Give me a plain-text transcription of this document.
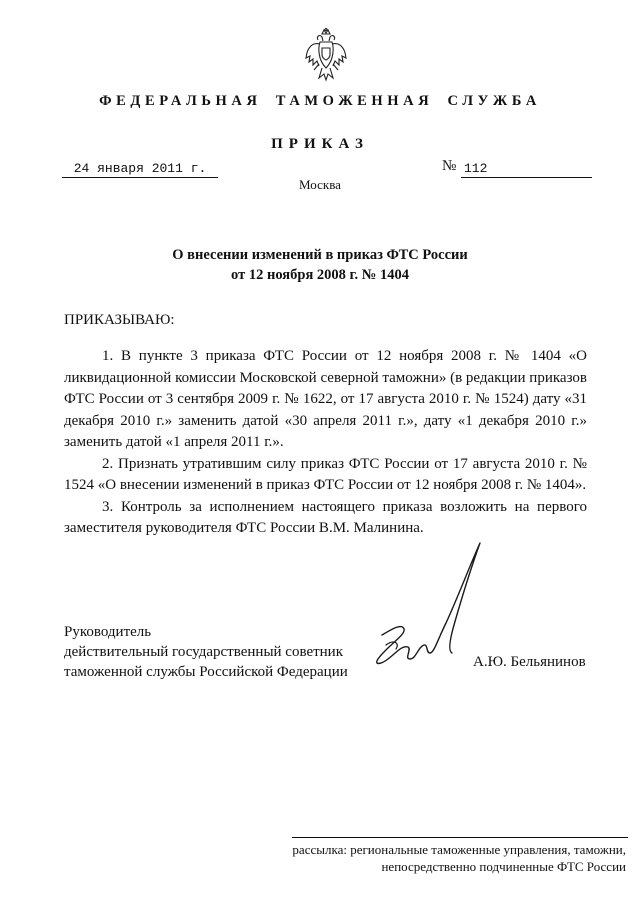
ФЕДЕРАЛЬНАЯ ТАМОЖЕННАЯ СЛУЖБА
ПРИКАЗ
24 января 2011 г.	№ 112
Москва
О внесении изменений в приказ ФТС России
от 12 ноября 2008 г. № 1404
ПРИКАЗЫВАЮ:

1. В пункте 3 приказа ФТС России от 12 ноября 2008 г. № 1404 «О ликвидационной комиссии Московской северной таможни» (в редакции приказов ФТС России от 3 сентября 2009 г. № 1622, от 17 августа 2010 г. № 1524) дату «31 декабря 2010 г.» заменить датой «30 апреля 2011 г.», дату «1 декабря 2010 г.» заменить датой «1 апреля 2011 г.».

2. Признать утратившим силу приказ ФТС России от 17 августа 2010 г. № 1524 «О внесении изменений в приказ ФТС России от 12 ноября 2008 г. № 1404».

3. Контроль за исполнением настоящего приказа возложить на первого заместителя руководителя ФТС России В.М. Малинина.

Руководитель
действительный государственный советник
таможенной службы Российской Федерации
А.Ю. Бельянинов
рассылка: региональные таможенные управления, таможни,
непосредственно подчиненные ФТС России
